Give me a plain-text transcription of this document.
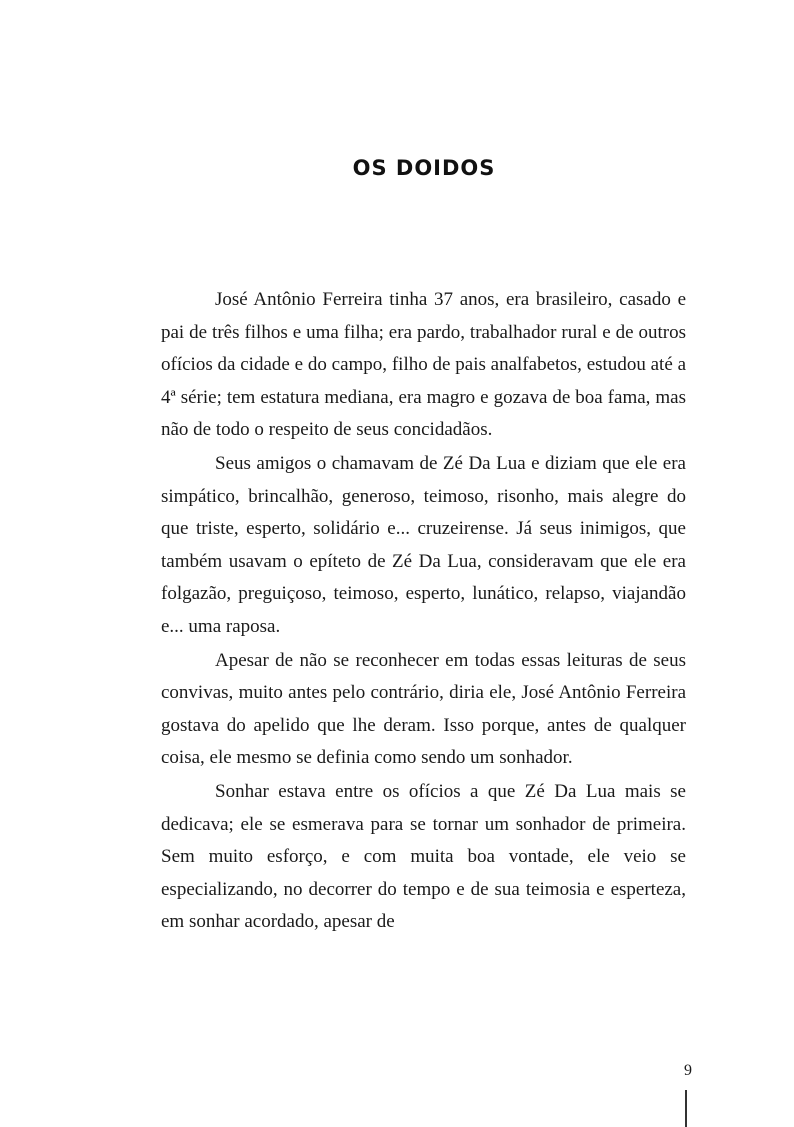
OS DOIDOS

José Antônio Ferreira tinha 37 anos, era brasileiro, casado e pai de três filhos e uma filha; era pardo, trabalhador rural e de outros ofícios da cidade e do campo, filho de pais analfabetos, estudou até a 4ª série; tem estatura mediana, era magro e gozava de boa fama, mas não de todo o respeito de seus concidadãos.

Seus amigos o chamavam de Zé Da Lua e diziam que ele era simpático, brincalhão, generoso, teimoso, risonho, mais alegre do que triste, esperto, solidário e... cruzeirense. Já seus inimigos, que também usavam o epíteto de Zé Da Lua, consideravam que ele era folgazão, preguiçoso, teimoso, esperto, lunático, relapso, viajandão e... uma raposa.

Apesar de não se reconhecer em todas essas leituras de seus convivas, muito antes pelo contrário, diria ele, José Antônio Ferreira gostava do apelido que lhe deram. Isso porque, antes de qualquer coisa, ele mesmo se definia como sendo um sonhador.

Sonhar estava entre os ofícios a que Zé Da Lua mais se dedicava; ele se esmerava para se tornar um sonhador de primeira. Sem muito esforço, e com muita boa vontade, ele veio se especializando, no decorrer do tempo e de sua teimosia e esperteza, em sonhar acordado, apesar de

9
